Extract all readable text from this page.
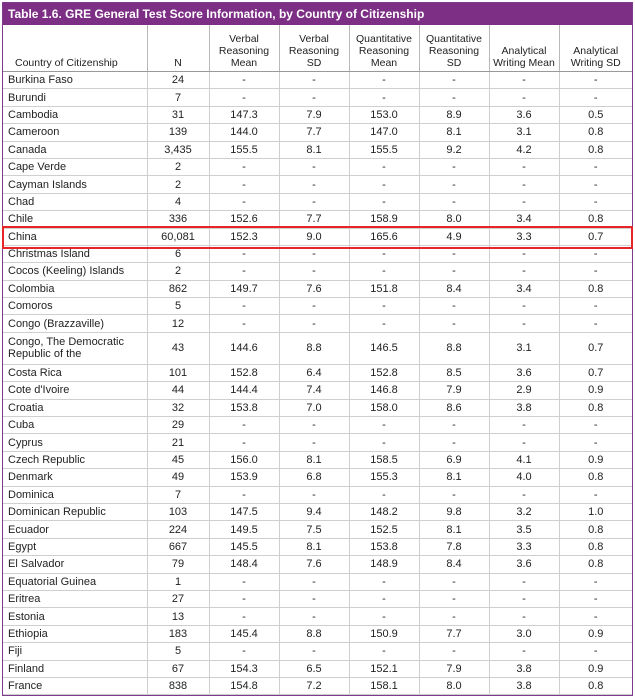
Table 1.6. GRE General Test Score Information, by Country of Citizenship
Country of Citizenship	N	Verbal Reasoning Mean	Verbal Reasoning SD	Quantitative Reasoning Mean	Quantitative Reasoning SD	Analytical Writing Mean	Analytical Writing SD
Burkina Faso	24	-	-	-	-	-	-
Burundi	7	-	-	-	-	-	-
Cambodia	31	147.3	7.9	153.0	8.9	3.6	0.5
Cameroon	139	144.0	7.7	147.0	8.1	3.1	0.8
Canada	3,435	155.5	8.1	155.5	9.2	4.2	0.8
Cape Verde	2	-	-	-	-	-	-
Cayman Islands	2	-	-	-	-	-	-
Chad	4	-	-	-	-	-	-
Chile	336	152.6	7.7	158.9	8.0	3.4	0.8
China	60,081	152.3	9.0	165.6	4.9	3.3	0.7
Christmas Island	6	-	-	-	-	-	-
Cocos (Keeling) Islands	2	-	-	-	-	-	-
Colombia	862	149.7	7.6	151.8	8.4	3.4	0.8
Comoros	5	-	-	-	-	-	-
Congo (Brazzaville)	12	-	-	-	-	-	-
Congo, The Democratic Republic of the	43	144.6	8.8	146.5	8.8	3.1	0.7
Costa Rica	101	152.8	6.4	152.8	8.5	3.6	0.7
Cote d'Ivoire	44	144.4	7.4	146.8	7.9	2.9	0.9
Croatia	32	153.8	7.0	158.0	8.6	3.8	0.8
Cuba	29	-	-	-	-	-	-
Cyprus	21	-	-	-	-	-	-
Czech Republic	45	156.0	8.1	158.5	6.9	4.1	0.9
Denmark	49	153.9	6.8	155.3	8.1	4.0	0.8
Dominica	7	-	-	-	-	-	-
Dominican Republic	103	147.5	9.4	148.2	9.8	3.2	1.0
Ecuador	224	149.5	7.5	152.5	8.1	3.5	0.8
Egypt	667	145.5	8.1	153.8	7.8	3.3	0.8
El Salvador	79	148.4	7.6	148.9	8.4	3.6	0.8
Equatorial Guinea	1	-	-	-	-	-	-
Eritrea	27	-	-	-	-	-	-
Estonia	13	-	-	-	-	-	-
Ethiopia	183	145.4	8.8	150.9	7.7	3.0	0.9
Fiji	5	-	-	-	-	-	-
Finland	67	154.3	6.5	152.1	7.9	3.8	0.9
France	838	154.8	7.2	158.1	8.0	3.8	0.8
